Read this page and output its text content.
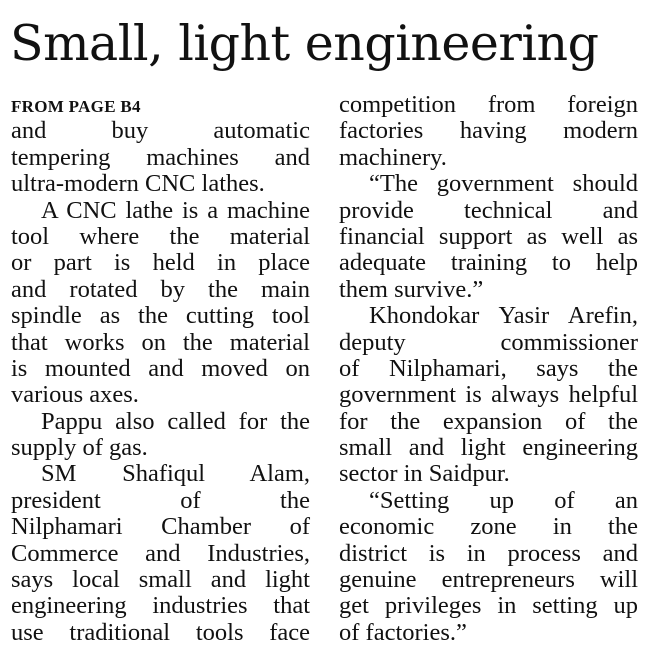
Small, light engineering
FROM PAGE B4
and buy automatic
tempering machines and
ultra-modern CNC lathes.
A CNC lathe is a machine
tool where the material
or part is held in place
and rotated by the main
spindle as the cutting tool
that works on the material
is mounted and moved on
various axes.
Pappu also called for the
supply of gas.
SM Shafiqul Alam,
president of the
Nilphamari Chamber of
Commerce and Industries,
says local small and light
engineering industries that
use traditional tools face
competition from foreign
factories having modern
machinery.
“The government should
provide technical and
financial support as well as
adequate training to help
them survive.”
Khondokar Yasir Arefin,
deputy commissioner
of Nilphamari, says the
government is always helpful
for the expansion of the
small and light engineering
sector in Saidpur.
“Setting up of an
economic zone in the
district is in process and
genuine entrepreneurs will
get privileges in setting up
of factories.”
